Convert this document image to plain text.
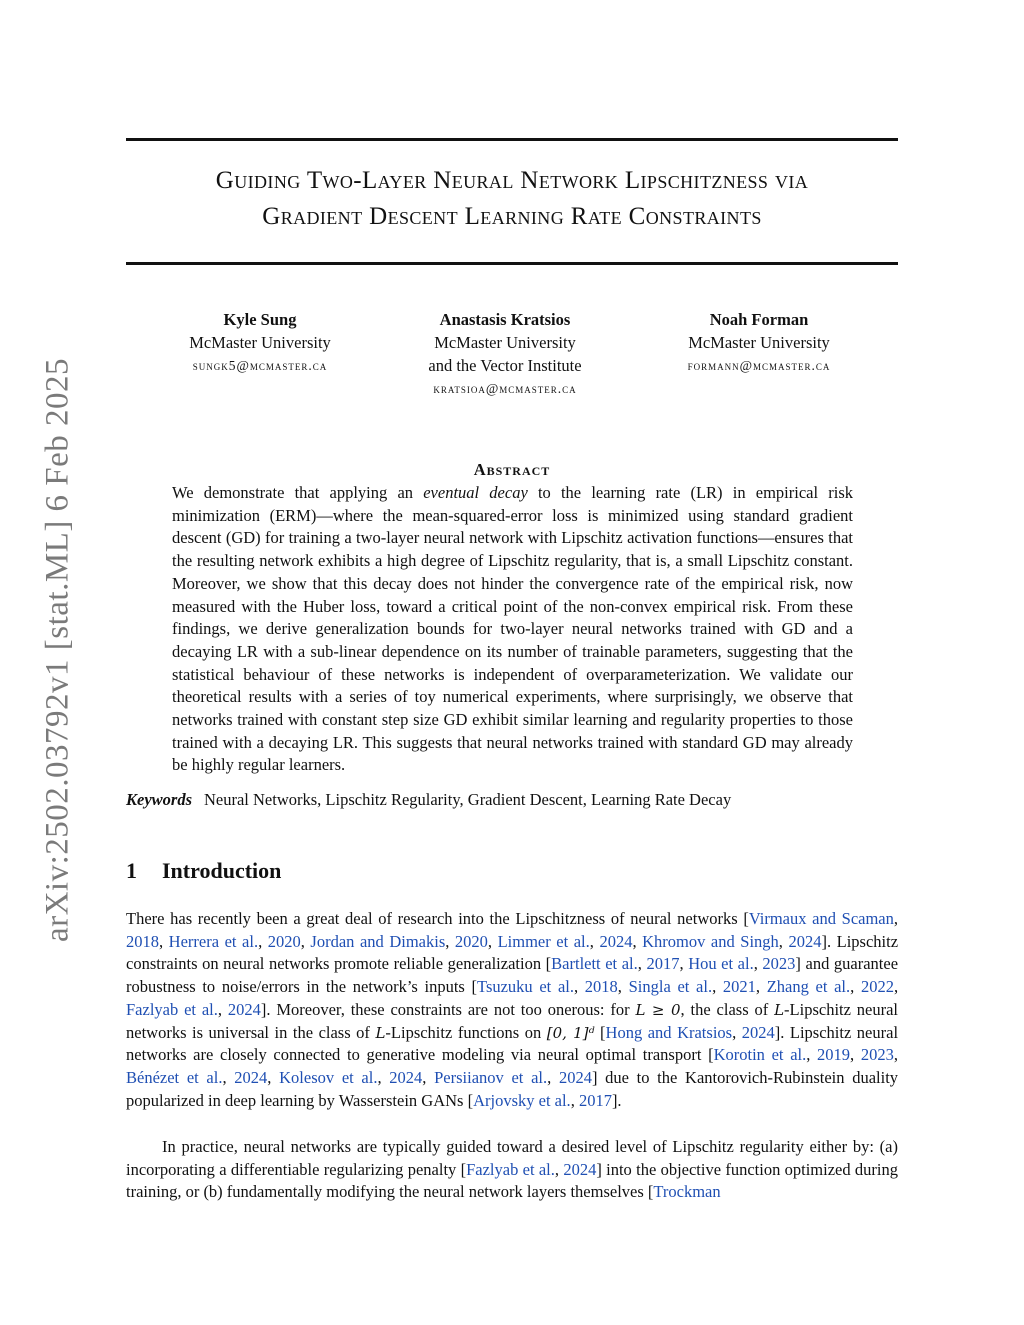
Guiding Two-Layer Neural Network Lipschitzness via
Gradient Descent Learning Rate Constraints
Kyle Sung
McMaster University
sungk5@mcmaster.ca
Anastasis Kratsios
McMaster University
and the Vector Institute
kratsioa@mcmaster.ca
Noah Forman
McMaster University
formann@mcmaster.ca
arXiv:2502.03792v1 [stat.ML] 6 Feb 2025	Abstract
We demonstrate that applying an eventual decay to the learning rate (LR) in empirical risk minimization (ERM)—where the mean-squared-error loss is minimized using standard gradient descent (GD) for training a two-layer neural network with Lipschitz activation functions—ensures that the resulting network exhibits a high degree of Lipschitz regularity, that is, a small Lipschitz constant. Moreover, we show that this decay does not hinder the convergence rate of the empirical risk, now measured with the Huber loss, toward a critical point of the non-convex empirical risk. From these findings, we derive generalization bounds for two-layer neural networks trained with GD and a decaying LR with a sub-linear dependence on its number of trainable parameters, suggesting that the statistical behaviour of these networks is independent of overparameterization. We validate our theoretical results with a series of toy numerical experiments, where surprisingly, we observe that networks trained with constant step size GD exhibit similar learning and regularity properties to those trained with a decaying LR. This suggests that neural networks trained with standard GD may already be highly regular learners.
Keywords Neural Networks, Lipschitz Regularity, Gradient Descent, Learning Rate Decay
1 Introduction
There has recently been a great deal of research into the Lipschitzness of neural networks [Virmaux and Scaman, 2018, Herrera et al., 2020, Jordan and Dimakis, 2020, Limmer et al., 2024, Khromov and Singh, 2024]. Lipschitz constraints on neural networks promote reliable generalization [Bartlett et al., 2017, Hou et al., 2023] and guarantee robustness to noise/errors in the network’s inputs [Tsuzuku et al., 2018, Singla et al., 2021, Zhang et al., 2022, Fazlyab et al., 2024]. Moreover, these constraints are not too onerous: for L ≥ 0, the class of L-Lipschitz neural networks is universal in the class of L-Lipschitz functions on [0, 1]ᵈ [Hong and Kratsios, 2024]. Lipschitz neural networks are closely connected to generative modeling via neural optimal transport [Korotin et al., 2019, 2023, Bénézet et al., 2024, Kolesov et al., 2024, Persiianov et al., 2024] due to the Kantorovich-Rubinstein duality popularized in deep learning by Wasserstein GANs [Arjovsky et al., 2017].
In practice, neural networks are typically guided toward a desired level of Lipschitz regularity either by: (a) incorporating a differentiable regularizing penalty [Fazlyab et al., 2024] into the objective function optimized during training, or (b) fundamentally modifying the neural network layers themselves [Trockman
